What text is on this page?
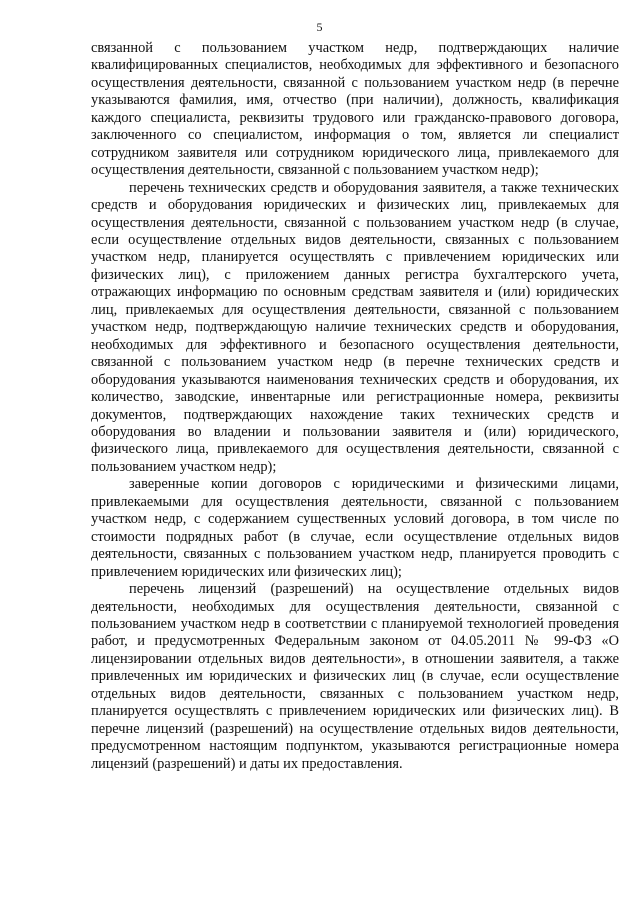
5

связанной с пользованием участком недр, подтверждающих наличие квалифицированных специалистов, необходимых для эффективного и безопасного осуществления деятельности, связанной с пользованием участком недр (в перечне указываются фамилия, имя, отчество (при наличии), должность, квалификация каждого специалиста, реквизиты трудового или гражданско-правового договора, заключенного со специалистом, информация о том, является ли специалист сотрудником заявителя или сотрудником юридического лица, привлекаемого для осуществления деятельности, связанной с пользованием участком недр);

перечень технических средств и оборудования заявителя, а также технических средств и оборудования юридических и физических лиц, привлекаемых для осуществления деятельности, связанной с пользованием участком недр (в случае, если осуществление отдельных видов деятельности, связанных с пользованием участком недр, планируется осуществлять с привлечением юридических или физических лиц), с приложением данных регистра бухгалтерского учета, отражающих информацию по основным средствам заявителя и (или) юридических лиц, привлекаемых для осуществления деятельности, связанной с пользованием участком недр, подтверждающую наличие технических средств и оборудования, необходимых для эффективного и безопасного осуществления деятельности, связанной с пользованием участком недр (в перечне технических средств и оборудования указываются наименования технических средств и оборудования, их количество, заводские, инвентарные или регистрационные номера, реквизиты документов, подтверждающих нахождение таких технических средств и оборудования во владении и пользовании заявителя и (или) юридического, физического лица, привлекаемого для осуществления деятельности, связанной с пользованием участком недр);

заверенные копии договоров с юридическими и физическими лицами, привлекаемыми для осуществления деятельности, связанной с пользованием участком недр, с содержанием существенных условий договора, в том числе по стоимости подрядных работ (в случае, если осуществление отдельных видов деятельности, связанных с пользованием участком недр, планируется проводить с привлечением юридических или физических лиц);

перечень лицензий (разрешений) на осуществление отдельных видов деятельности, необходимых для осуществления деятельности, связанной с пользованием участком недр в соответствии с планируемой технологией проведения работ, и предусмотренных Федеральным законом от 04.05.2011 № 99-ФЗ «О лицензировании отдельных видов деятельности», в отношении заявителя, а также привлеченных им юридических и физических лиц (в случае, если осуществление отдельных видов деятельности, связанных с пользованием участком недр, планируется осуществлять с привлечением юридических или физических лиц). В перечне лицензий (разрешений) на осуществление отдельных видов деятельности, предусмотренном настоящим подпунктом, указываются регистрационные номера лицензий (разрешений) и даты их предоставления.
